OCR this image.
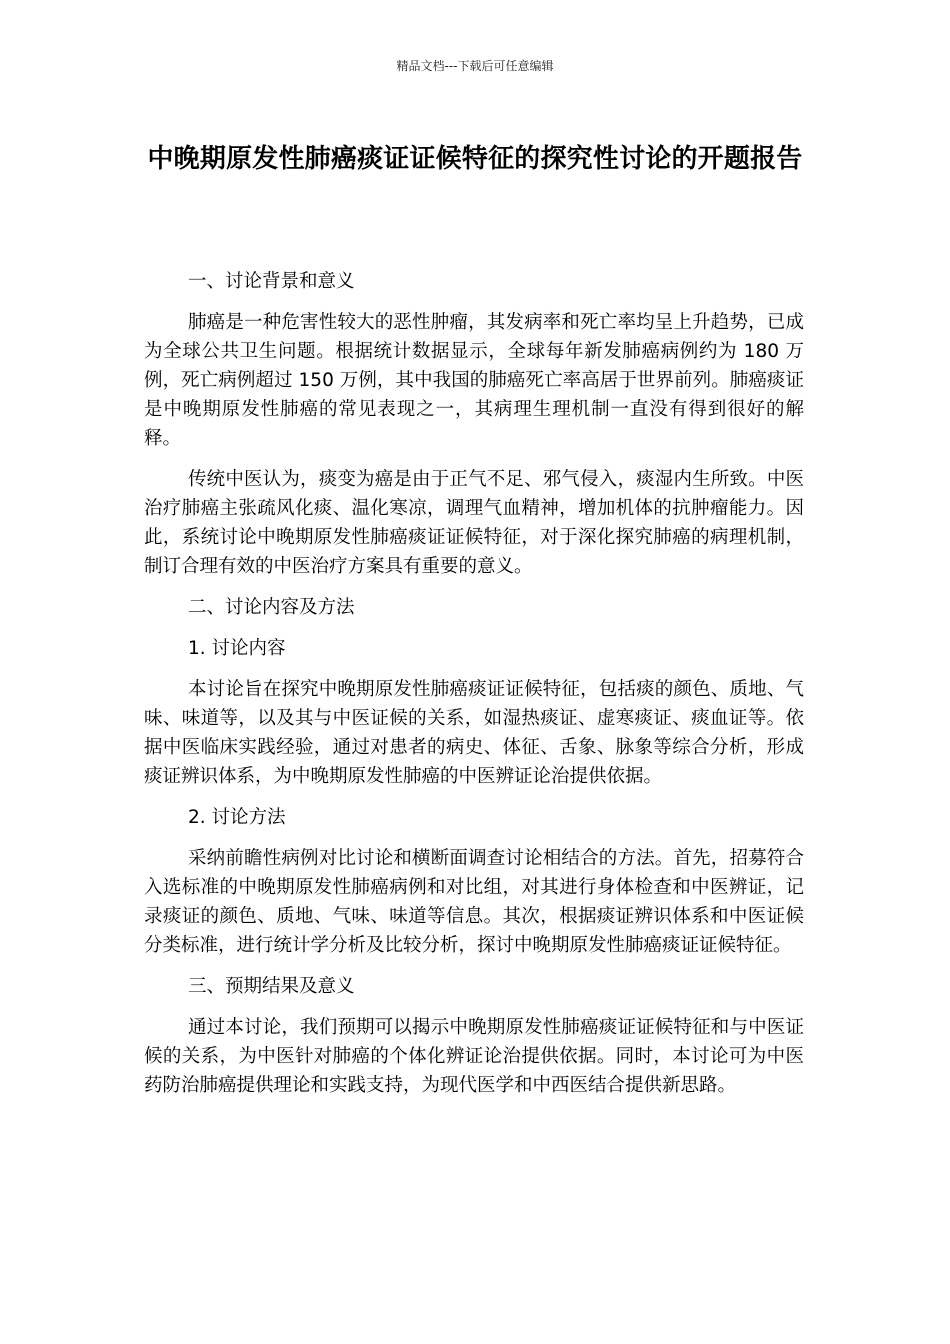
精品文档---下载后可任意编辑
中晚期原发性肺癌痰证证候特征的探究性讨论的开题报告
一、讨论背景和意义

肺癌是一种危害性较大的恶性肿瘤，其发病率和死亡率均呈上升趋势，已成为全球公共卫生问题。根据统计数据显示，全球每年新发肺癌病例约为 180 万例，死亡病例超过 150 万例，其中我国的肺癌死亡率高居于世界前列。肺癌痰证是中晚期原发性肺癌的常见表现之一，其病理生理机制一直没有得到很好的解释。

传统中医认为，痰变为癌是由于正气不足、邪气侵入，痰湿内生所致。中医治疗肺癌主张疏风化痰、温化寒凉，调理气血精神，增加机体的抗肿瘤能力。因此，系统讨论中晚期原发性肺癌痰证证候特征，对于深化探究肺癌的病理机制，制订合理有效的中医治疗方案具有重要的意义。

二、讨论内容及方法
1. 讨论内容

本讨论旨在探究中晚期原发性肺癌痰证证候特征，包括痰的颜色、质地、气味、味道等，以及其与中医证候的关系，如湿热痰证、虚寒痰证、痰血证等。依据中医临床实践经验，通过对患者的病史、体征、舌象、脉象等综合分析，形成痰证辨识体系，为中晚期原发性肺癌的中医辨证论治提供依据。

2. 讨论方法

采纳前瞻性病例对比讨论和横断面调查讨论相结合的方法。首先，招募符合入选标准的中晚期原发性肺癌病例和对比组，对其进行身体检查和中医辨证，记录痰证的颜色、质地、气味、味道等信息。其次，根据痰证辨识体系和中医证候分类标准，进行统计学分析及比较分析，探讨中晚期原发性肺癌痰证证候特征。

三、预期结果及意义

通过本讨论，我们预期可以揭示中晚期原发性肺癌痰证证候特征和与中医证候的关系，为中医针对肺癌的个体化辨证论治提供依据。同时，本讨论可为中医药防治肺癌提供理论和实践支持，为现代医学和中西医结合提供新思路。
